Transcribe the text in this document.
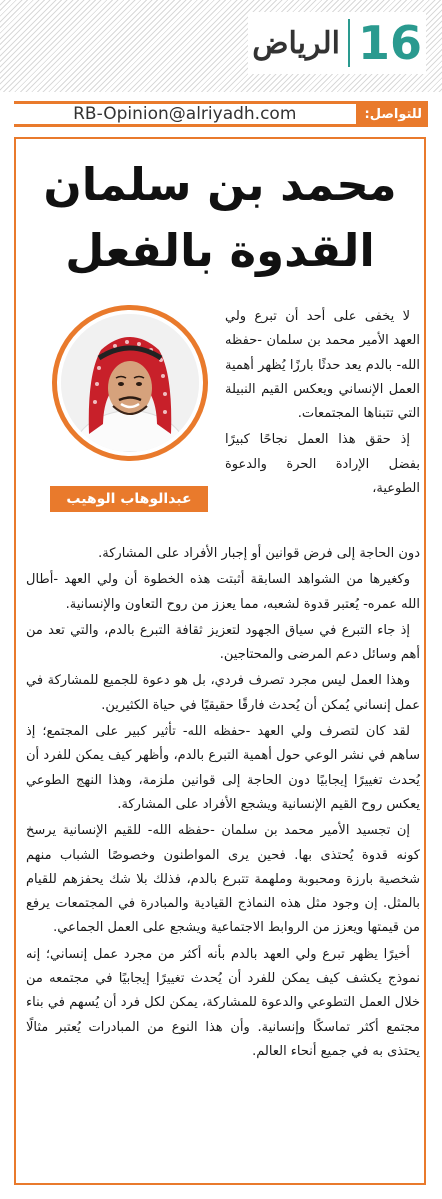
16
الرياض
للتواصل:
RB-Opinion@alriyadh.com
محمد بن سلمان
القدوة بالفعل
عبدالوهاب الوهيب

لا يخفى على أحد أن تبرع ولي العهد الأمير محمد بن سلمان -حفظه الله- بالدم يعد حدثًا بارزًا يُظهر أهمية العمل الإنساني ويعكس القيم النبيلة التي تتبناها المجتمعات.

إذ حقق هذا العمل نجاحًا كبيرًا بفضل الإرادة الحرة والدعوة الطوعية،

دون الحاجة إلى فرض قوانين أو إجبار الأفراد على المشاركة.

وكغيرها من الشواهد السابقة أثبتت هذه الخطوة أن ولي العهد -أطال الله عمره- يُعتبر قدوة لشعبه، مما يعزز من روح التعاون والإنسانية.

إذ جاء التبرع في سياق الجهود لتعزيز ثقافة التبرع بالدم، والتي تعد من أهم وسائل دعم المرضى والمحتاجين.

وهذا العمل ليس مجرد تصرف فردي، بل هو دعوة للجميع للمشاركة في عمل إنساني يُمكن أن يُحدث فارقًا حقيقيًا في حياة الكثيرين.

لقد كان لتصرف ولي العهد -حفظه الله- تأثير كبير على المجتمع؛ إذ ساهم في نشر الوعي حول أهمية التبرع بالدم، وأظهر كيف يمكن للفرد أن يُحدث تغييرًا إيجابيًا دون الحاجة إلى قوانين ملزمة، وهذا النهج الطوعي يعكس روح القيم الإنسانية ويشجع الأفراد على المشاركة.

إن تجسيد الأمير محمد بن سلمان -حفظه الله- للقيم الإنسانية يرسخ كونه قدوة يُحتذى بها. فحين يرى المواطنون وخصوصًا الشباب منهم شخصية بارزة ومحبوبة وملهمة تتبرع بالدم، فذلك بلا شك يحفزهم للقيام بالمثل. إن وجود مثل هذه النماذج القيادية والمبادرة في المجتمعات يرفع من قيمتها ويعزز من الروابط الاجتماعية ويشجع على العمل الجماعي.

أخيرًا يظهر تبرع ولي العهد بالدم بأنه أكثر من مجرد عمل إنساني؛ إنه نموذج يكشف كيف يمكن للفرد أن يُحدث تغييرًا إيجابيًا في مجتمعه من خلال العمل التطوعي والدعوة للمشاركة، يمكن لكل فرد أن يُسهم في بناء مجتمع أكثر تماسكًا وإنسانية. وأن هذا النوع من المبادرات يُعتبر مثالًا يحتذى به في جميع أنحاء العالم.
